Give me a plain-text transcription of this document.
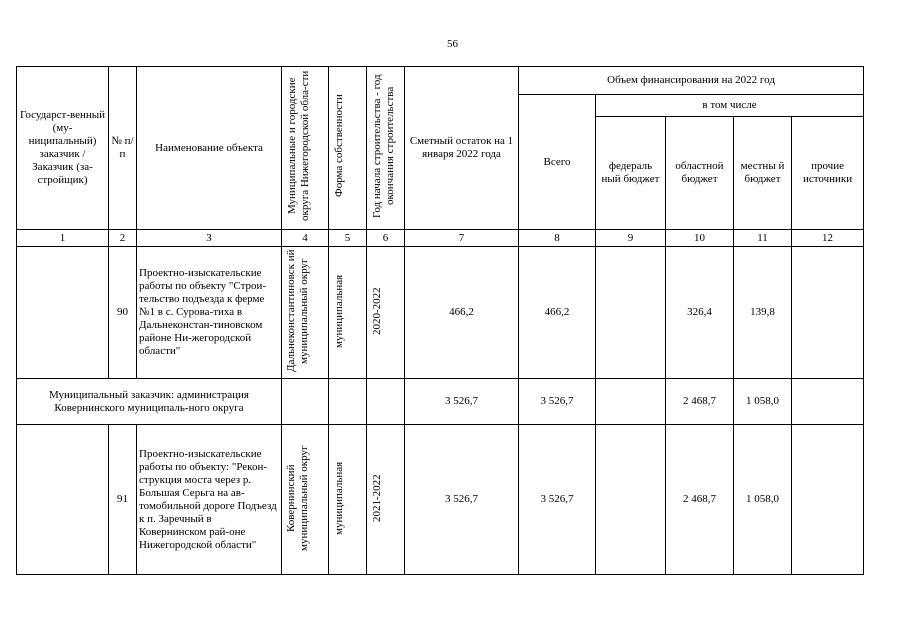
56
Государст-венный (му-ниципальный) заказчик / Заказчик (за-стройщик)	№ п/п	Наименование объекта	Муниципальные и городские округа Нижегородской обла-сти	Форма собственности	Год начала строительства - год окончания строительства	Сметный остаток на 1 января 2022 года	Объем финансирования на 2022 год				
							Всего	в том числе			
								федераль ный бюджет	областной бюджет	местны й бюджет	прочие источники
1	2	3	4	5	6	7	8	9	10	11	12
	90	Проектно-изыскательские работы по объекту "Строи-тельство подъезда к ферме №1 в с. Сурова-тиха в Дальнеконстан-тиновском районе Ни-жегородской области"	Дальнеконстантиновск ий муниципальный округ	муниципальная	2020-2022	466,2	466,2		326,4	139,8	
Муниципальный заказчик: администрация Ковернинского муниципаль-ного округа						3 526,7	3 526,7		2 468,7	1 058,0	
	91	Проектно-изыскательские работы по объекту: "Рекон-струкция моста через р. Большая Серьга на ав-томобильной дороге Подъезд к п. Заречный в Ковернинском рай-оне Нижегородской области"	Ковернинский муниципальный округ	муниципальная	2021-2022	3 526,7	3 526,7		2 468,7	1 058,0	
